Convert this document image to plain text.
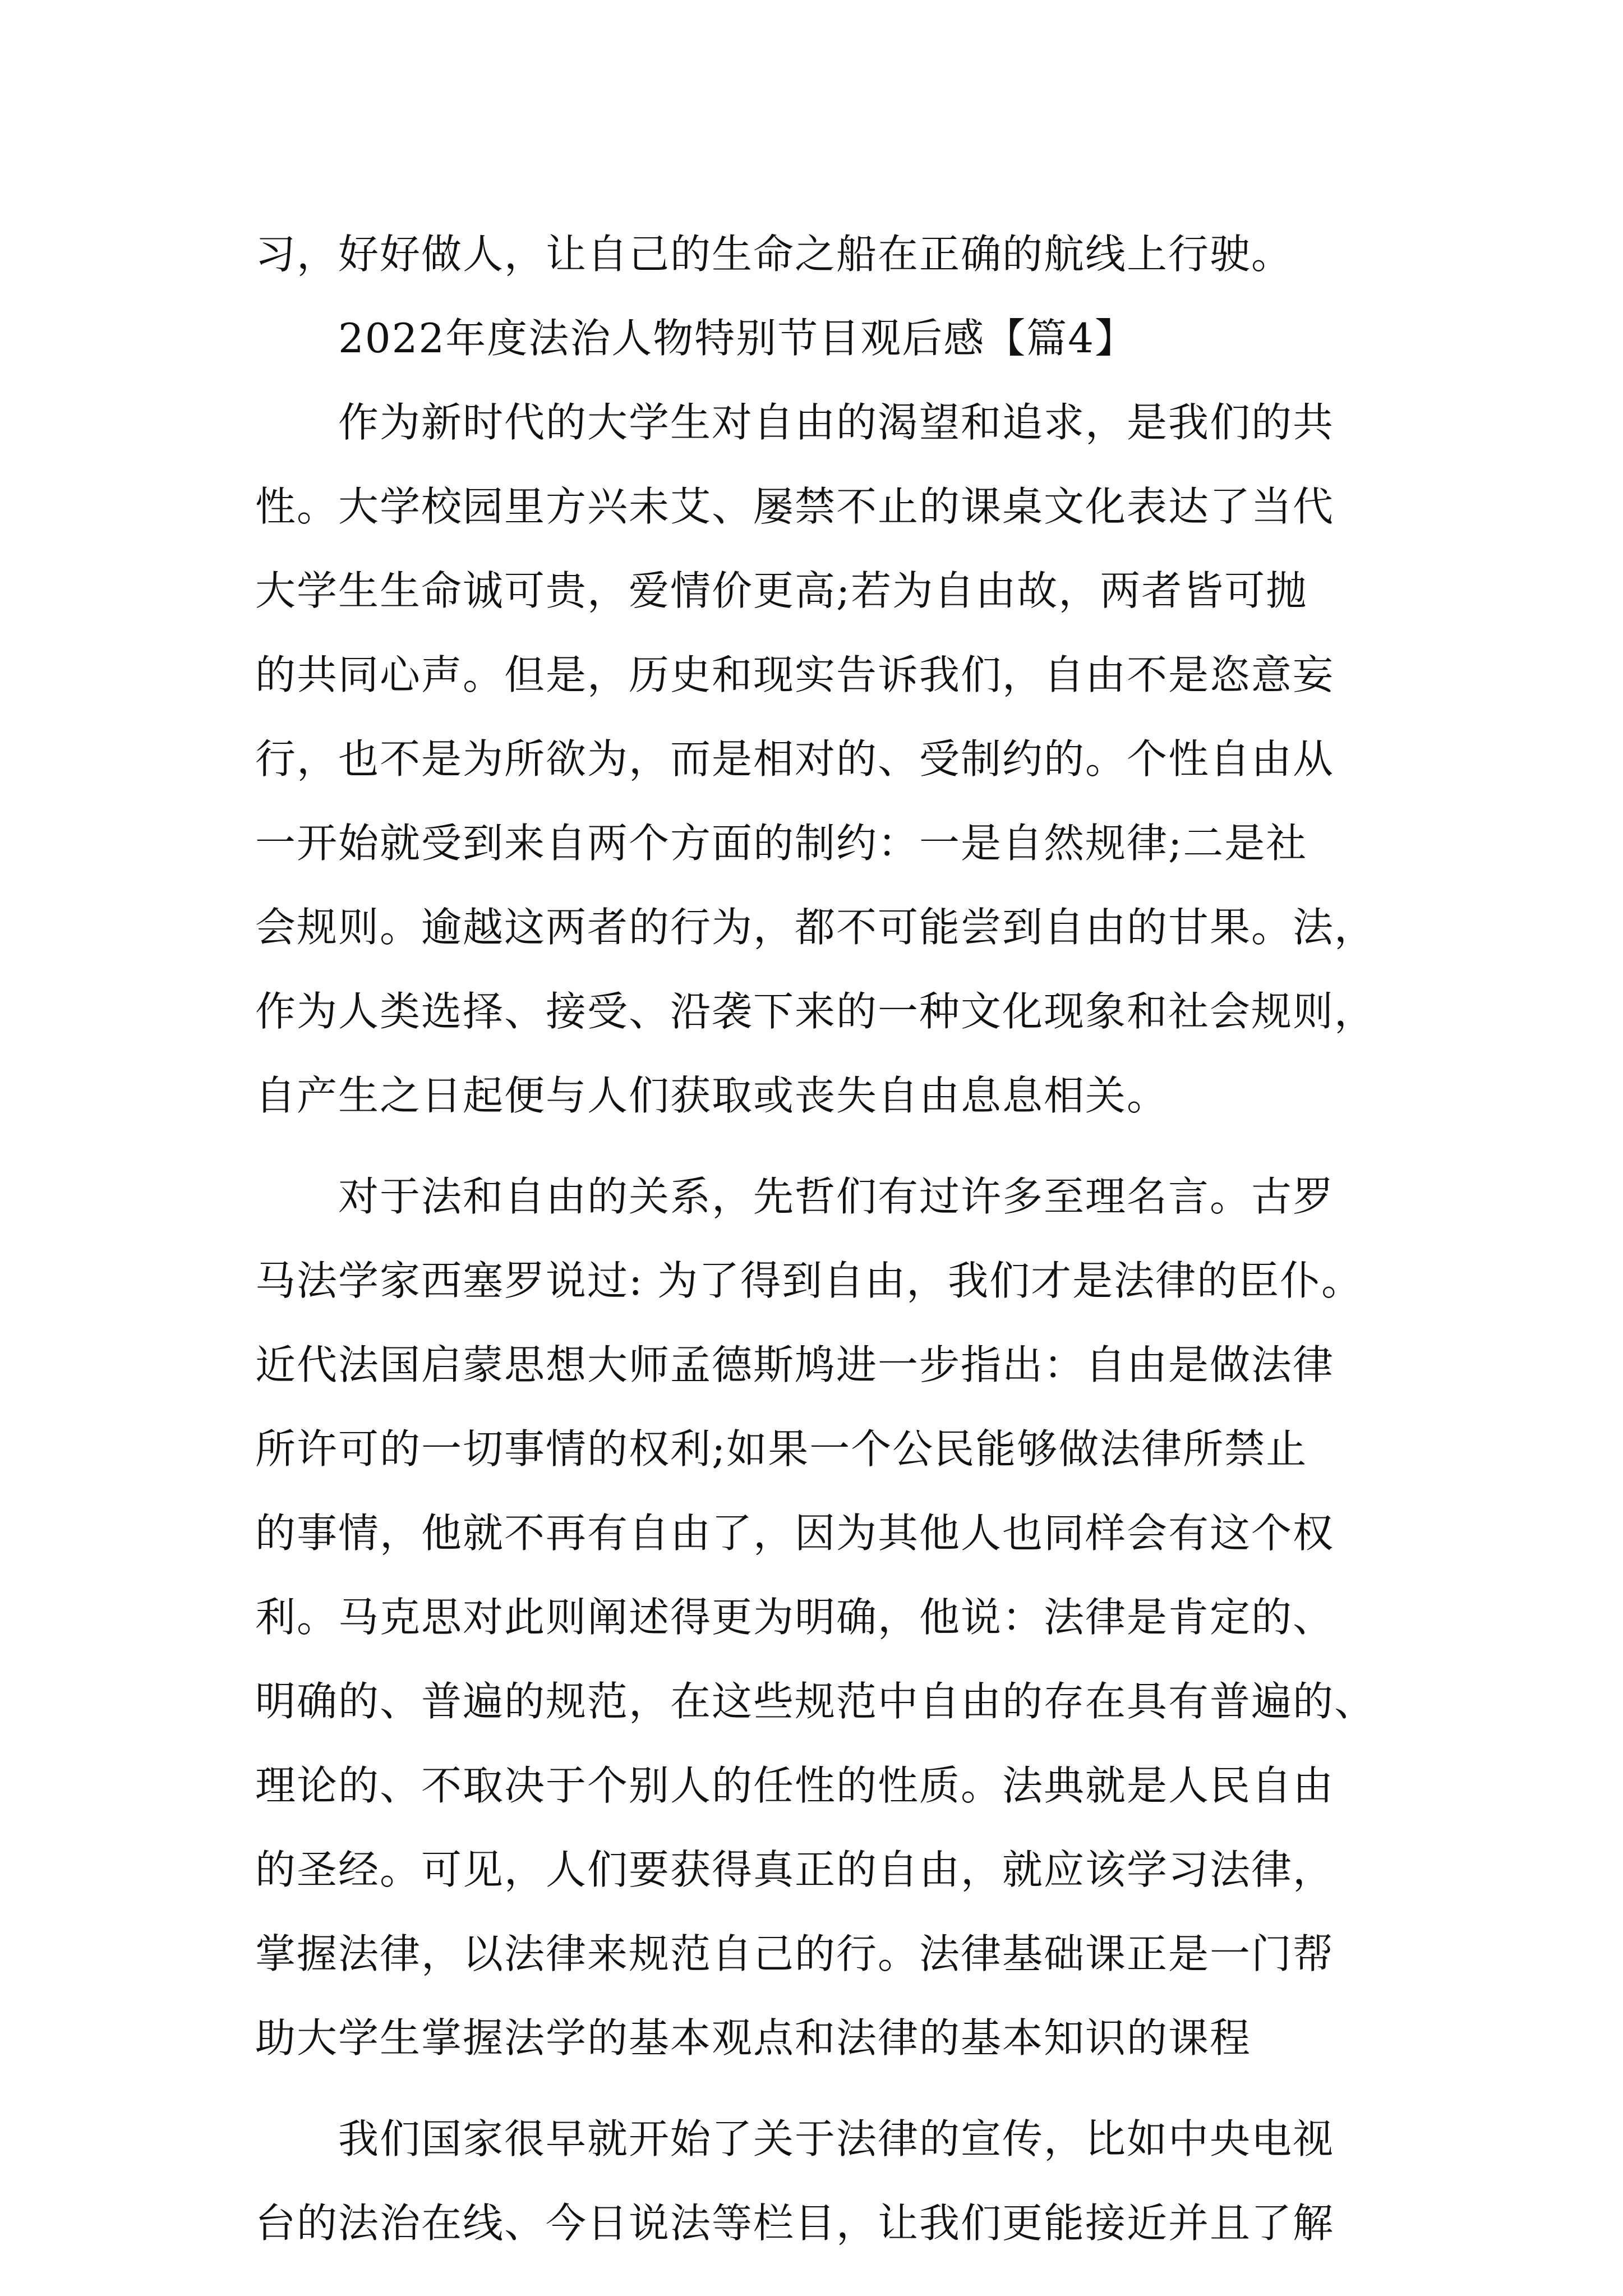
习，好好做人，让自己的生命之船在正确的航线上行驶。
2022年度法治人物特别节目观后感【篇4】
作为新时代的大学生对自由的渴望和追求，是我们的共
性。大学校园里方兴未艾、屡禁不止的课桌文化表达了当代
大学生生命诚可贵，爱情价更高;若为自由故，两者皆可抛
的共同心声。但是，历史和现实告诉我们，自由不是恣意妄
行，也不是为所欲为，而是相对的、受制约的。个性自由从
一开始就受到来自两个方面的制约：一是自然规律;二是社
会规则。逾越这两者的行为，都不可能尝到自由的甘果。法，
作为人类选择、接受、沿袭下来的一种文化现象和社会规则，
自产生之日起便与人们获取或丧失自由息息相关。
对于法和自由的关系，先哲们有过许多至理名言。古罗
马法学家西塞罗说过: 为了得到自由，我们才是法律的臣仆。
近代法国启蒙思想大师孟德斯鸠进一步指出：自由是做法律
所许可的一切事情的权利;如果一个公民能够做法律所禁止
的事情，他就不再有自由了，因为其他人也同样会有这个权
利。马克思对此则阐述得更为明确，他说：法律是肯定的、
明确的、普遍的规范，在这些规范中自由的存在具有普遍的、
理论的、不取决于个别人的任性的性质。法典就是人民自由
的圣经。可见，人们要获得真正的自由，就应该学习法律，
掌握法律，以法律来规范自己的行。法律基础课正是一门帮
助大学生掌握法学的基本观点和法律的基本知识的课程
我们国家很早就开始了关于法律的宣传，比如中央电视
台的法治在线、今日说法等栏目，让我们更能接近并且了解
